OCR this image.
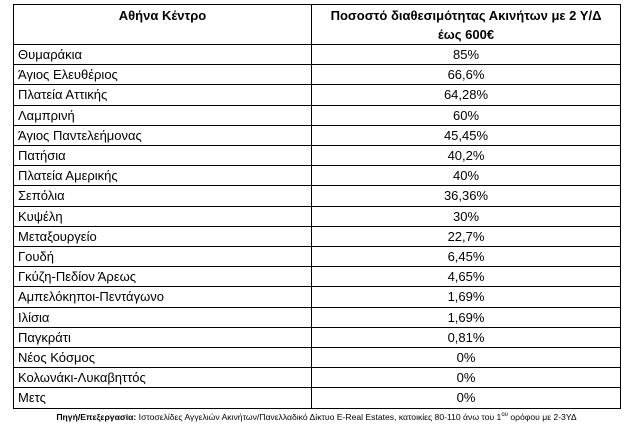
Αθήνα Κέντρο	Ποσοστό διαθεσιμότητας Ακινήτων με 2 Υ/Δ έως 600€
Θυμαράκια	85%
Άγιος Ελευθέριος	66,6%
Πλατεία Αττικής	64,28%
Λαμπρινή	60%
Άγιος Παντελεήμονας	45,45%
Πατήσια	40,2%
Πλατεία Αμερικής	40%
Σεπόλια	36,36%
Κυψέλη	30%
Μεταξουργείο	22,7%
Γουδή	6,45%
Γκύζη-Πεδίον Άρεως	4,65%
Αμπελόκηποι-Πεντάγωνο	1,69%
Ιλίσια	1,69%
Παγκράτι	0,81%
Νέος Κόσμος	0%
Κολωνάκι-Λυκαβηττός	0%
Μετς	0%
Πηγή/Επεξεργασία: Ιστοσελίδες Αγγελιών Ακινήτων/Πανελλαδικό Δίκτυο E-Real Estates, κατοικίες 80-110 άνω του $1^{o\upsilon}$ ορόφου με 2-3ΥΔ
